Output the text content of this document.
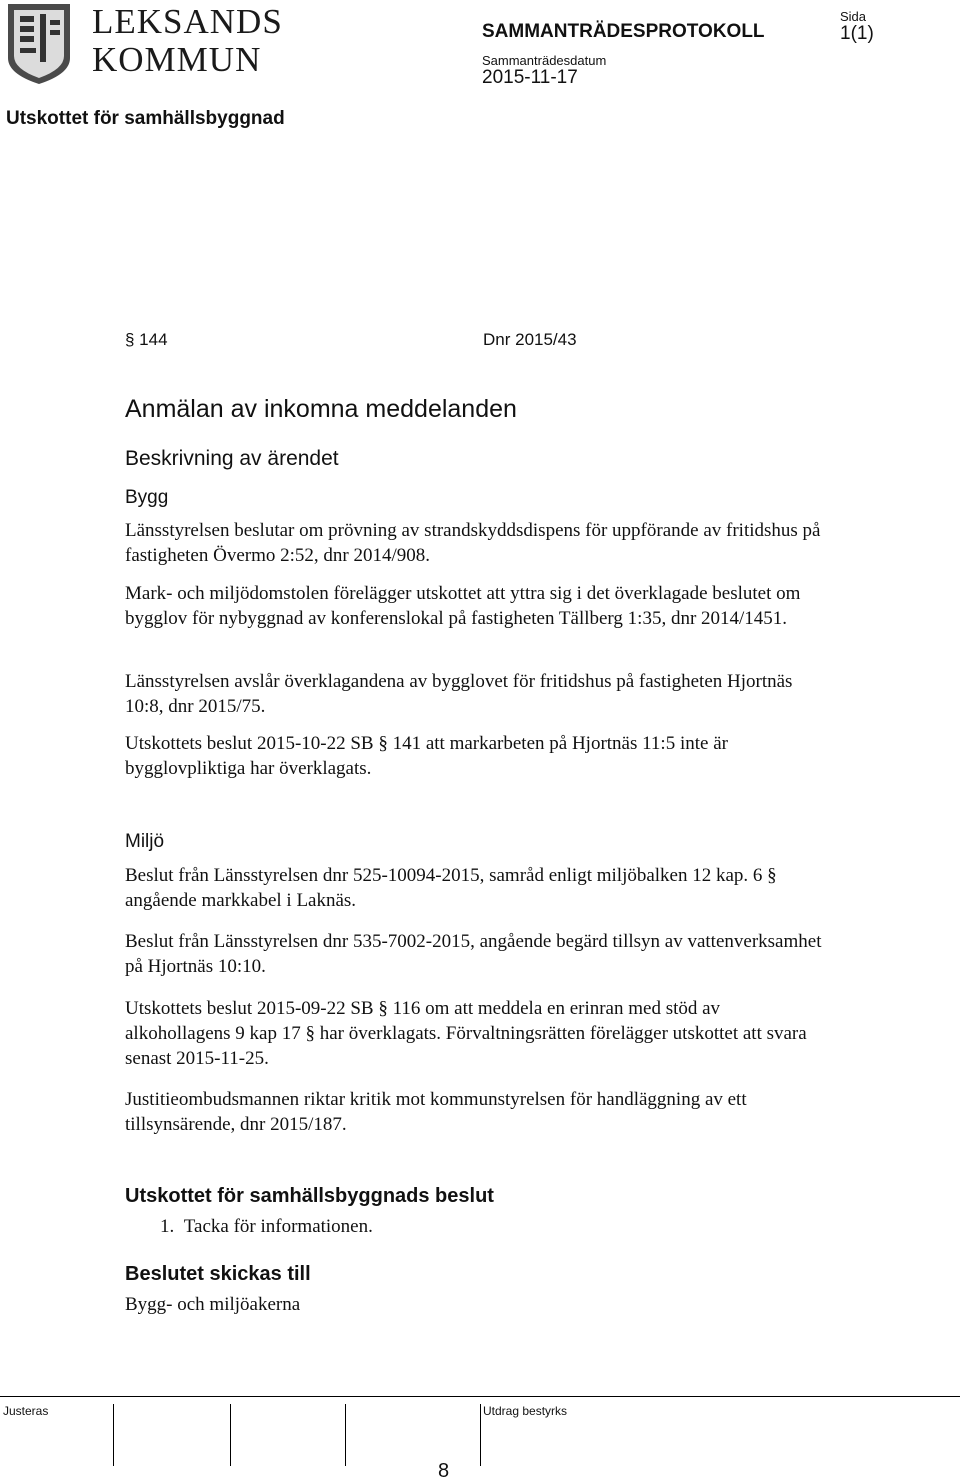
LEKSANDS
KOMMUN
SAMMANTRÄDESPROTOKOLL
Sammanträdesdatum
2015-11-17
Sida
1(1)
Utskottet för samhällsbyggnad
§ 144	Dnr 2015/43
Anmälan av inkomna meddelanden
Beskrivning av ärendet
Bygg
Länsstyrelsen beslutar om prövning av strandskyddsdispens för uppförande av fritidshus på fastigheten Övermo 2:52, dnr 2014/908.
Mark- och miljödomstolen förelägger utskottet att yttra sig i det överklagade beslutet om bygglov för nybyggnad av konferenslokal på fastigheten Tällberg 1:35, dnr 2014/1451.
Länsstyrelsen avslår överklagandena av bygglovet för fritidshus på fastigheten Hjortnäs 10:8, dnr 2015/75.
Utskottets beslut 2015-10-22 SB § 141 att markarbeten på Hjortnäs 11:5 inte är bygglovpliktiga har överklagats.
Miljö
Beslut från Länsstyrelsen dnr 525-10094-2015, samråd enligt miljöbalken 12 kap. 6 § angående markkabel i Laknäs.
Beslut från Länsstyrelsen dnr 535-7002-2015, angående begärd tillsyn av vattenverksamhet på Hjortnäs 10:10.
Utskottets beslut 2015-09-22 SB § 116 om att meddela en erinran med stöd av alkohollagens 9 kap 17 § har överklagats. Förvaltningsrätten förelägger utskottet att svara senast 2015-11-25.
Justitieombudsmannen riktar kritik mot kommunstyrelsen för handläggning av ett tillsynsärende, dnr 2015/187.
Utskottet för samhällsbyggnads beslut
1.  Tacka för informationen.
Beslutet skickas till
Bygg- och miljöakerna
Justeras	Utdrag bestyrks
8
